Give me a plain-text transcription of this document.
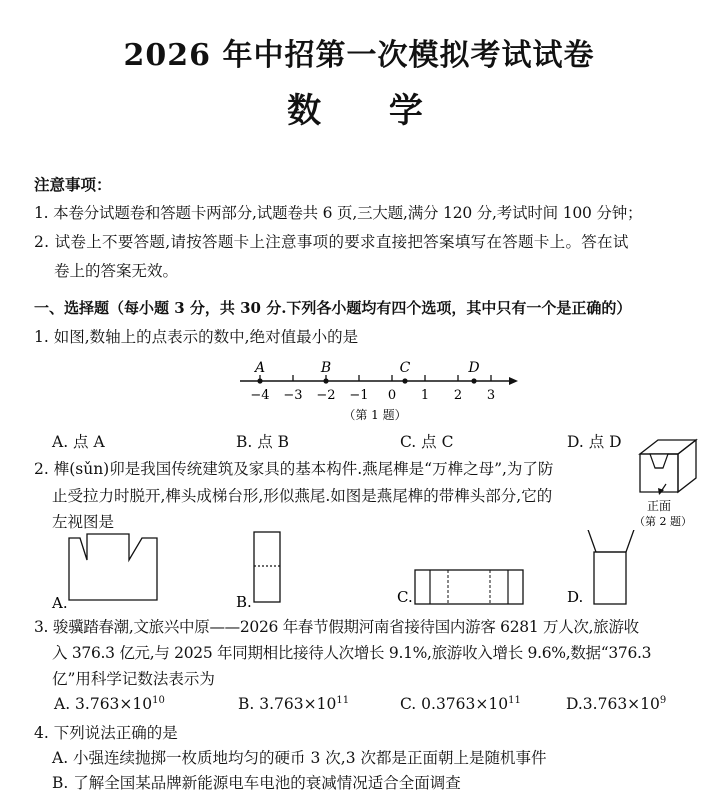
2026 年中招第一次模拟考试试卷
数 学
注意事项：
1. 本卷分试题卷和答题卡两部分,试题卷共 6 页,三大题,满分 120 分,考试时间 100 分钟；
2. 试卷上不要答题,请按答题卡上注意事项的要求直接把答案填写在答题卡上。答在试
卷上的答案无效。
一、选择题（每小题 3 分，共 30 分.下列各小题均有四个选项，其中只有一个是正确的）
1. 如图,数轴上的点表示的数中,绝对值最小的是
A	B	C	D
−4 −3 −2 −1 0 1 2 3
（第 1 题）
A. 点 A	B. 点 B	C. 点 C	D. 点 D
2. 榫(sǔn)卯是我国传统建筑及家具的基本构件.燕尾榫是“万榫之母”,为了防
止受拉力时脱开,榫头成梯台形,形似燕尾.如图是燕尾榫的带榫头部分,它的
左视图是
正面
（第 2 题）
A.	B.	C.	D.
3. 骏骥踏春潮,文旅兴中原——2026 年春节假期河南省接待国内游客 6281 万人次,旅游收
入 376.3 亿元,与 2025 年同期相比接待人次增长 9.1%,旅游收入增长 9.6%,数据“376.3
亿”用科学记数法表示为
A. $3.763\times 10^{10}$	B. $3.763\times 10^{11}$	C. $0.3763\times 10^{11}$	$D.3.763\times 10^9$
4. 下列说法正确的是
A. 小强连续抛掷一枚质地均匀的硬币 3 次,3 次都是正面朝上是随机事件
B. 了解全国某品牌新能源电车电池的衰减情况适合全面调查
